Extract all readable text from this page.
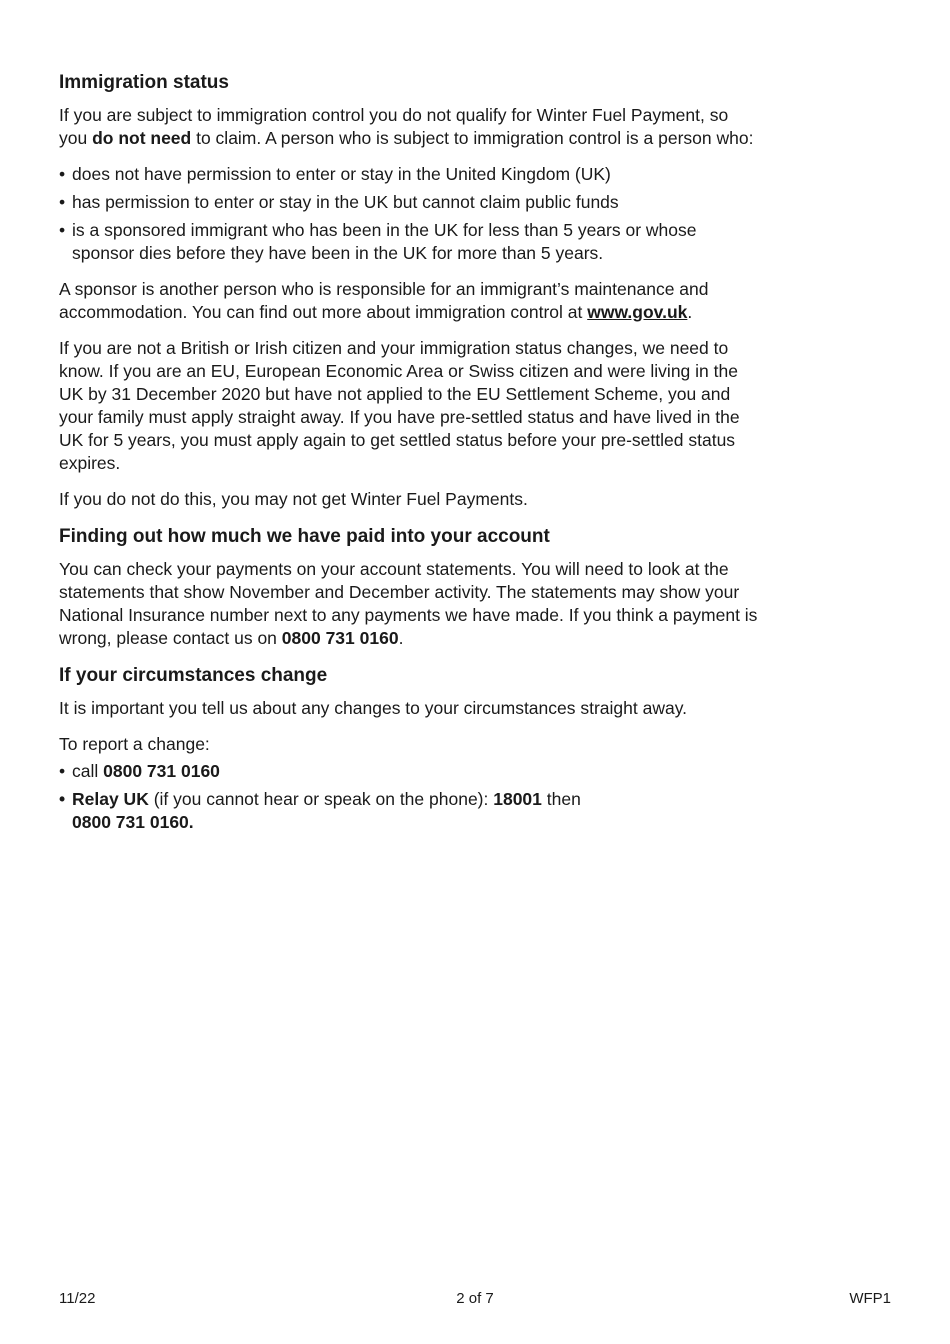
Immigration status

If you are subject to immigration control you do not qualify for Winter Fuel Payment, so you do not need to claim. A person who is subject to immigration control is a person who:

• does not have permission to enter or stay in the United Kingdom (UK)
• has permission to enter or stay in the UK but cannot claim public funds
• is a sponsored immigrant who has been in the UK for less than 5 years or whose sponsor dies before they have been in the UK for more than 5 years.

A sponsor is another person who is responsible for an immigrant’s maintenance and accommodation. You can find out more about immigration control at www.gov.uk.

If you are not a British or Irish citizen and your immigration status changes, we need to know. If you are an EU, European Economic Area or Swiss citizen and were living in the UK by 31 December 2020 but have not applied to the EU Settlement Scheme, you and your family must apply straight away. If you have pre-settled status and have lived in the UK for 5 years, you must apply again to get settled status before your pre-settled status expires.

If you do not do this, you may not get Winter Fuel Payments.

Finding out how much we have paid into your account

You can check your payments on your account statements. You will need to look at the statements that show November and December activity. The statements may show your National Insurance number next to any payments we have made. If you think a payment is wrong, please contact us on 0800 731 0160.

If your circumstances change

It is important you tell us about any changes to your circumstances straight away.

To report a change:

• call 0800 731 0160
• Relay UK (if you cannot hear or speak on the phone): 18001 then
0800 731 0160.
11/22	2 of 7	WFP1
